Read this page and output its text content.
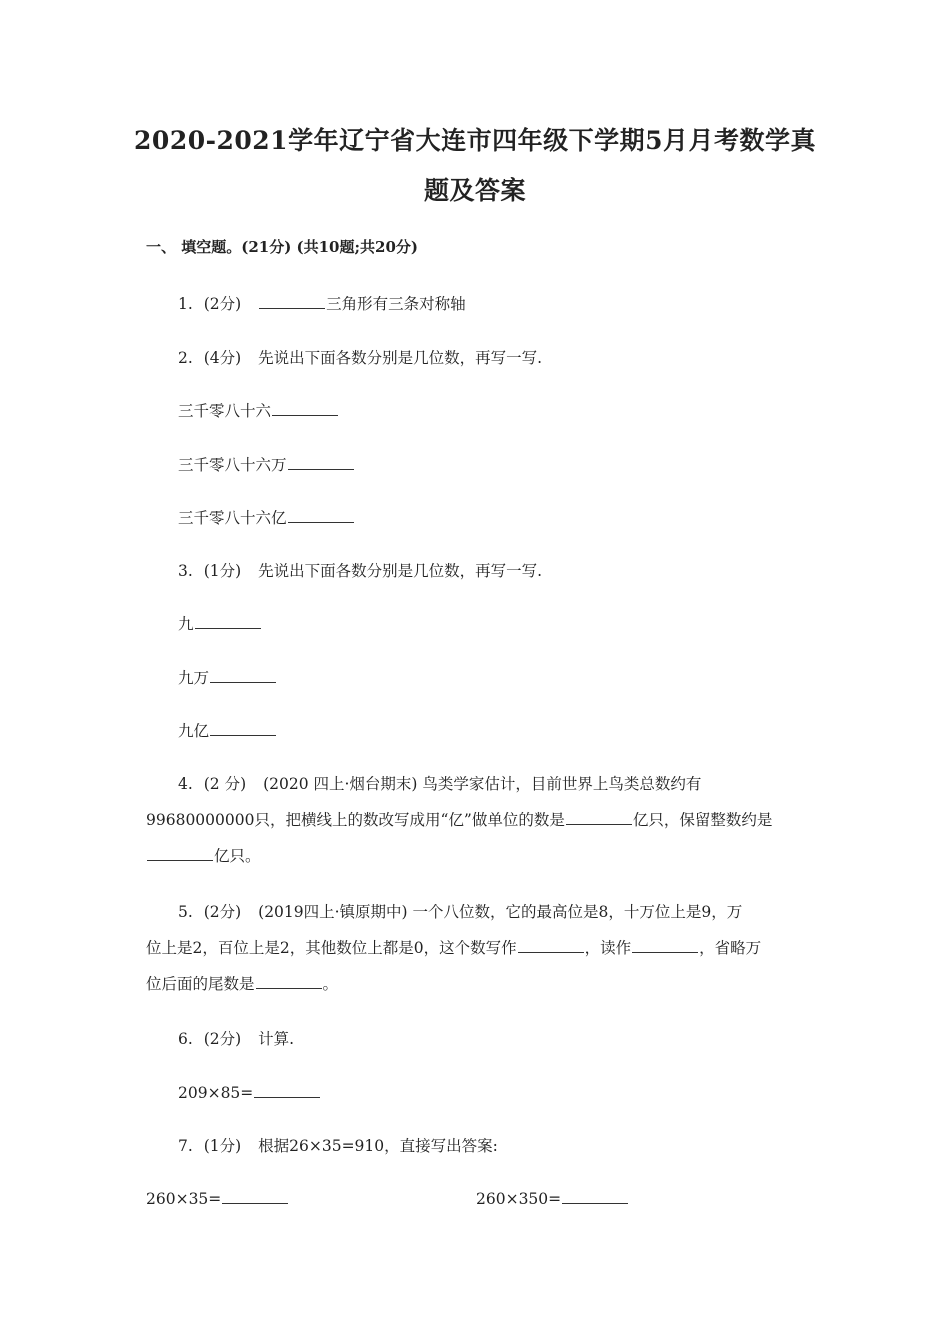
2020-2021学年辽宁省大连市四年级下学期5月月考数学真
题及答案
一、 填空题。(21分) (共10题;共20分)
1. (2分)	三角形有三条对称轴
2. (4分) 先说出下面各数分别是几位数，再写一写.
三千零八十六
三千零八十六万
三千零八十六亿
3. (1分) 先说出下面各数分别是几位数，再写一写.
九
九万
九亿
4. (2 分) (2020 四上·烟台期末) 鸟类学家估计，目前世界上鸟类总数约有
99680000000只，把横线上的数改写成用“亿”做单位的数是	亿只，保留整数约是
亿只。
5. (2分) (2019四上·镇原期中) 一个八位数，它的最高位是8，十万位上是9，万
位上是2，百位上是2，其他数位上都是0，这个数写作	，读作	，省略万
位后面的尾数是	。
6. (2分) 计算.
209×85=
7. (1分) 根据26×35=910，直接写出答案:
260×35=	260×350=
